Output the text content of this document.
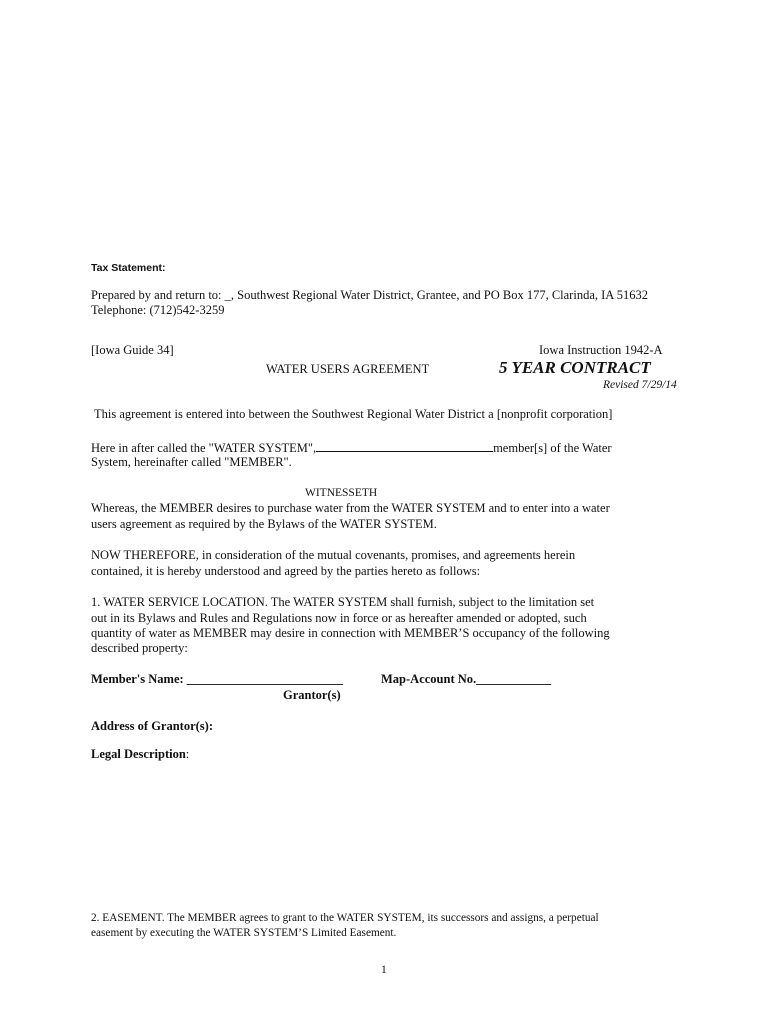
Tax Statement:
Prepared by and return to: _, Southwest Regional Water District, Grantee, and PO Box 177, Clarinda, IA 51632
Telephone: (712)542-3259
[Iowa Guide 34]	Iowa Instruction 1942-A
WATER USERS AGREEMENT	5 YEAR CONTRACT
Revised 7/29/14
This agreement is entered into between the Southwest Regional Water District a [nonprofit corporation]
Here in after called the "WATER SYSTEM",	member[s] of the Water
System, hereinafter called "MEMBER".
WITNESSETH
Whereas, the MEMBER desires to purchase water from the WATER SYSTEM and to enter into a water
users agreement as required by the Bylaws of the WATER SYSTEM.
NOW THEREFORE, in consideration of the mutual covenants, promises, and agreements herein
contained, it is hereby understood and agreed by the parties hereto as follows:
1. WATER SERVICE LOCATION. The WATER SYSTEM shall furnish, subject to the limitation set
out in its Bylaws and Rules and Regulations now in force or as hereafter amended or adopted, such
quantity of water as MEMBER may desire in connection with MEMBER’S occupancy of the following
described property:
Member's Name: _________________________	Map-Account No.____________
Grantor(s)
Address of Grantor(s):
Legal Description:
2. EASEMENT. The MEMBER agrees to grant to the WATER SYSTEM, its successors and assigns, a perpetual
easement by executing the WATER SYSTEM’S Limited Easement.
1
